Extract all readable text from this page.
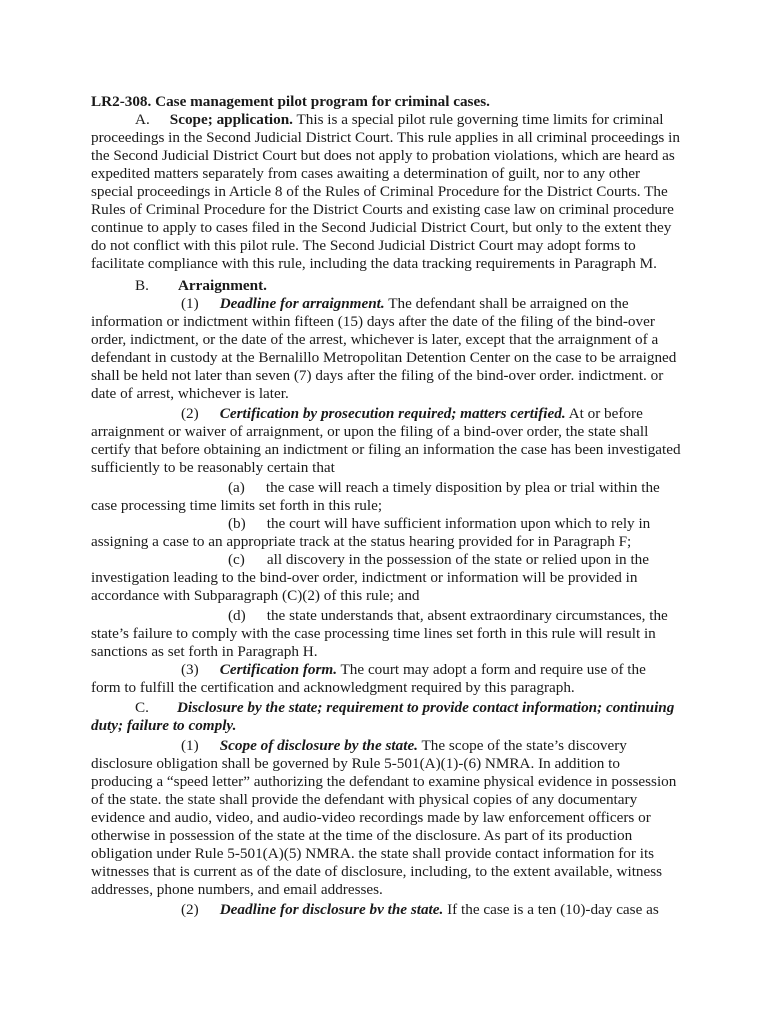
LR2-308. Case management pilot program for criminal cases.
A. Scope; application. This is a special pilot rule governing time limits for criminal
proceedings in the Second Judicial District Court. This rule applies in all criminal proceedings in
the Second Judicial District Court but does not apply to probation violations, which are heard as
expedited matters separately from cases awaiting a determination of guilt, nor to any other
special proceedings in Article 8 of the Rules of Criminal Procedure for the District Courts. The
Rules of Criminal Procedure for the District Courts and existing case law on criminal procedure
continue to apply to cases filed in the Second Judicial District Court, but only to the extent they
do not conflict with this pilot rule. The Second Judicial District Court may adopt forms to
facilitate compliance with this rule, including the data tracking requirements in Paragraph M.
B. Arraignment.
(1) Deadline for arraignment. The defendant shall be arraigned on the
information or indictment within fifteen (15) days after the date of the filing of the bind-over
order, indictment, or the date of the arrest, whichever is later, except that the arraignment of a
defendant in custody at the Bernalillo Metropolitan Detention Center on the case to be arraigned
shall be held not later than seven (7) days after the filing of the bind-over order. indictment. or
date of arrest, whichever is later.
(2) Certification by prosecution required; matters certified. At or before
arraignment or waiver of arraignment, or upon the filing of a bind-over order, the state shall
certify that before obtaining an indictment or filing an information the case has been investigated
sufficiently to be reasonably certain that
(a) the case will reach a timely disposition by plea or trial within the
case processing time limits set forth in this rule;
(b) the court will have sufficient information upon which to rely in
assigning a case to an appropriate track at the status hearing provided for in Paragraph F;
(c) all discovery in the possession of the state or relied upon in the
investigation leading to the bind-over order, indictment or information will be provided in
accordance with Subparagraph (C)(2) of this rule; and
(d) the state understands that, absent extraordinary circumstances, the
state’s failure to comply with the case processing time lines set forth in this rule will result in
sanctions as set forth in Paragraph H.
(3) Certification form. The court may adopt a form and require use of the
form to fulfill the certification and acknowledgment required by this paragraph.
C. Disclosure by the state; requirement to provide contact information; continuing
duty; failure to comply.
(1) Scope of disclosure by the state. The scope of the state’s discovery
disclosure obligation shall be governed by Rule 5-501(A)(1)-(6) NMRA. In addition to
producing a “speed letter” authorizing the defendant to examine physical evidence in possession
of the state. the state shall provide the defendant with physical copies of any documentary
evidence and audio, video, and audio-video recordings made by law enforcement officers or
otherwise in possession of the state at the time of the disclosure. As part of its production
obligation under Rule 5-501(A)(5) NMRA. the state shall provide contact information for its
witnesses that is current as of the date of disclosure, including, to the extent available, witness
addresses, phone numbers, and email addresses.
(2) Deadline for disclosure bv the state. If the case is a ten (10)-day case as
